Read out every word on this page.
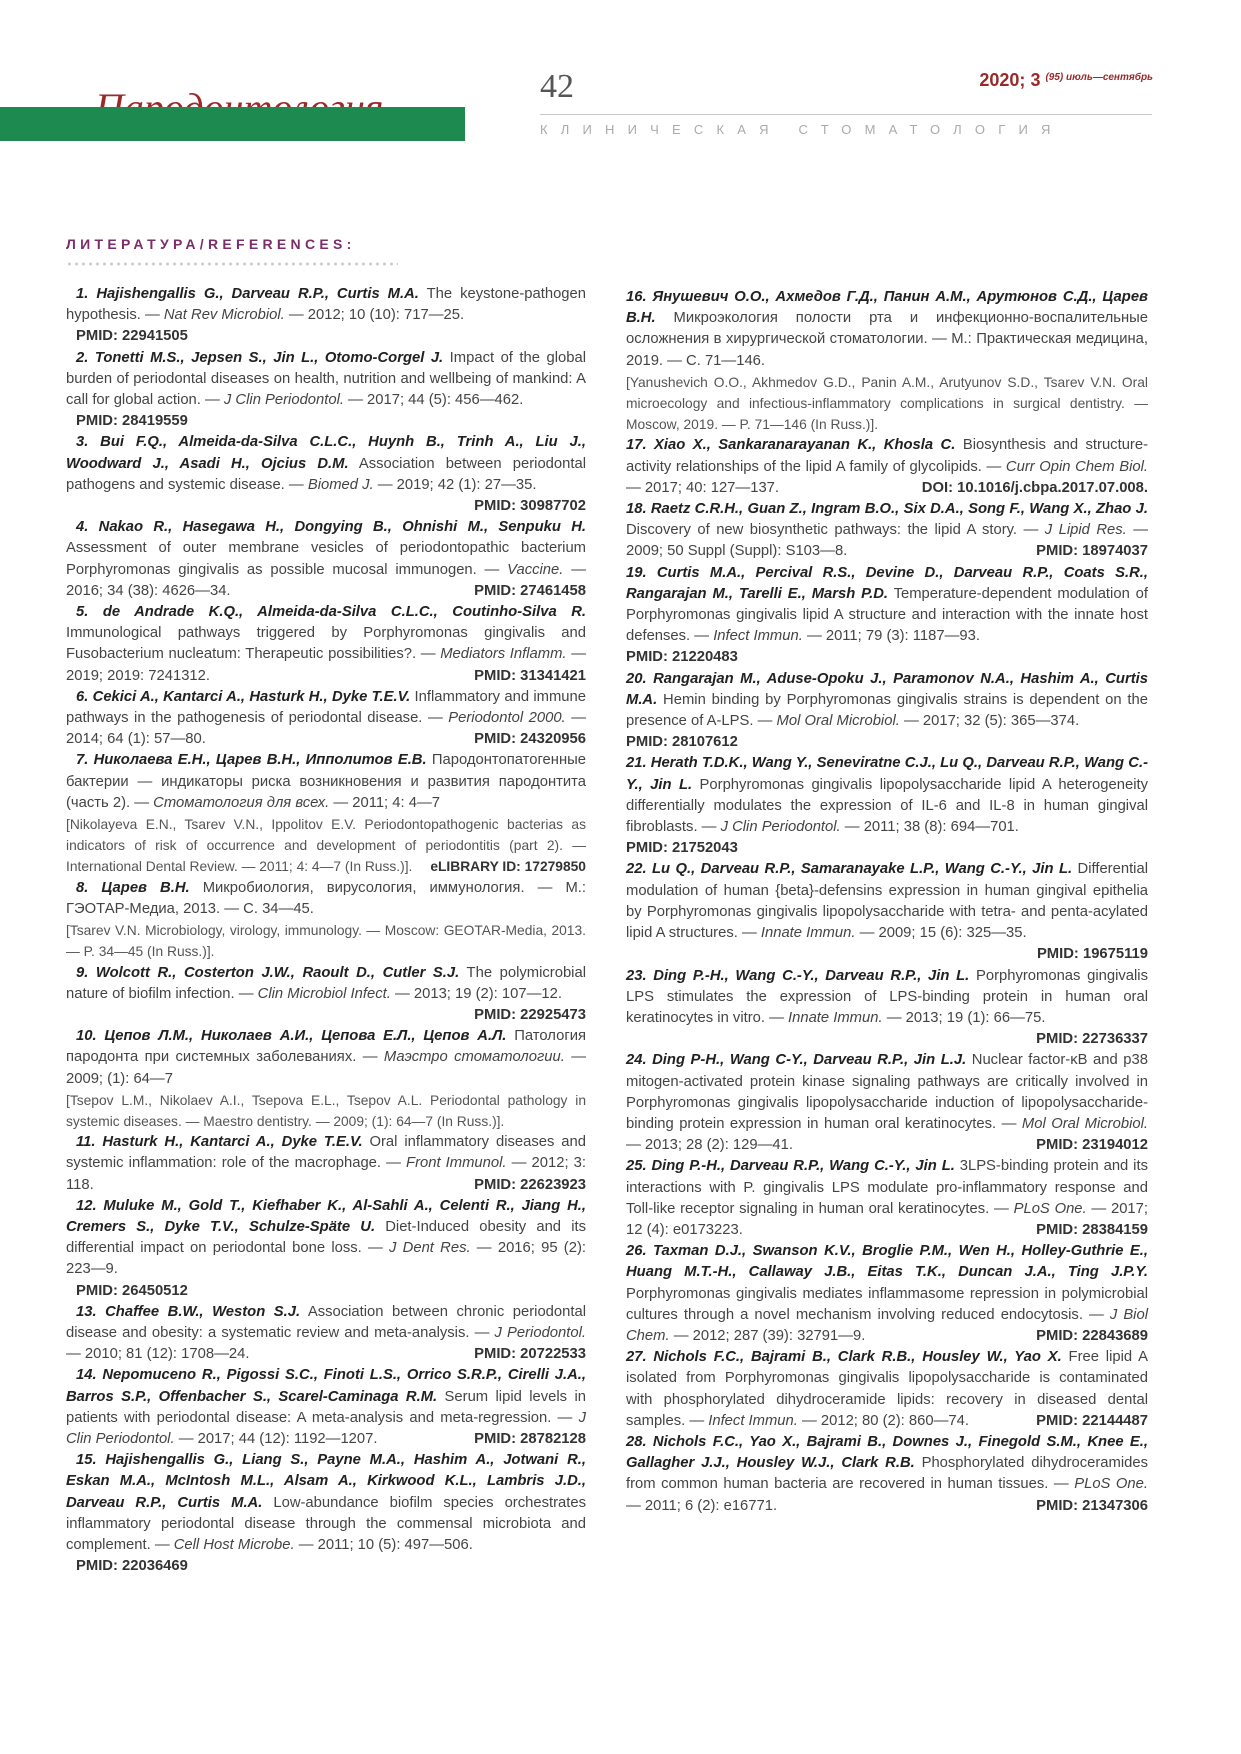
42	2020; 3 $^{(95) июль—сентябрь}$
КЛИНИЧЕСКАЯ СТОМАТОЛОГИЯ
ЛИТЕРАТУРА/REFERENCES:

1. Hajishengallis G., Darveau R.P., Curtis M.A. The keystone-pathogen hypothesis. — Nat Rev Microbiol. — 2012; 10 (10): 717—25.
PMID: 22941505

2. Tonetti M.S., Jepsen S., Jin L., Otomo-Corgel J. Impact of the global burden of periodontal diseases on health, nutrition and wellbeing of mankind: A call for global action. — J Clin Periodontol. — 2017; 44 (5): 456—462.
PMID: 28419559

3. Bui F.Q., Almeida-da-Silva C.L.C., Huynh B., Trinh A., Liu J., Woodward J., Asadi H., Ojcius D.M. Association between periodontal pathogens and systemic disease. — Biomed J. — 2019; 42 (1): 27—35.
PMID: 30987702

4. Nakao R., Hasegawa H., Dongying B., Ohnishi M., Senpuku H. Assessment of outer membrane vesicles of periodontopathic bacterium Porphyromonas gingivalis as possible mucosal immunogen. — Vaccine. — 2016; 34 (38): 4626—34.	PMID: 27461458

5. de Andrade K.Q., Almeida-da-Silva C.L.C., Coutinho-Silva R. Immunological pathways triggered by Porphyromonas gingivalis and Fusobacterium nucleatum: Therapeutic possibilities?. — Mediators Inflamm. — 2019; 2019: 7241312.	PMID: 31341421

6. Cekici A., Kantarci A., Hasturk H., Dyke T.E.V. Inflammatory and immune pathways in the pathogenesis of periodontal disease. — Periodontol 2000. — 2014; 64 (1): 57—80.	PMID: 24320956

7. Николаева Е.Н., Царев В.Н., Ипполитов Е.В. Пародонтопатогенные бактерии — индикаторы риска возникновения и развития пародонтита (часть 2). — Стоматология для всех. — 2011; 4: 4—7

[Nikolayeva E.N., Tsarev V.N., Ippolitov E.V. Periodontopathogenic bacterias as indicators of risk of occurrence and development of periodontitis (part 2). — International Dental Review. — 2011; 4: 4—7 (In Russ.)]. eLIBRARY ID: 17279850

8. Царев В.Н. Микробиология, вирусология, иммунология. — М.: ГЭОТАР-Медиа, 2013. — С. 34—45.

[Tsarev V.N. Microbiology, virology, immunology. — Moscow: GEOTAR-Media, 2013. — P. 34—45 (In Russ.)].

9. Wolcott R., Costerton J.W., Raoult D., Cutler S.J. The polymicrobial nature of biofilm infection. — Clin Microbiol Infect. — 2013; 19 (2): 107—12.
PMID: 22925473

10. Цепов Л.М., Николаев А.И., Цепова Е.Л., Цепов А.Л. Патология пародонта при системных заболеваниях. — Маэстро стоматологии. — 2009; (1): 64—7

[Tsepov L.M., Nikolaev A.I., Tsepova E.L., Tsepov A.L. Periodontal pathology in systemic diseases. — Maestro dentistry. — 2009; (1): 64—7 (In Russ.)].

11. Hasturk H., Kantarci A., Dyke T.E.V. Oral inflammatory diseases and systemic inflammation: role of the macrophage. — Front Immunol. — 2012; 3: 118.	PMID: 22623923

12. Muluke M., Gold T., Kiefhaber K., Al-Sahli A., Celenti R., Jiang H., Cremers S., Dyke T.V., Schulze-Späte U. Diet-Induced obesity and its differential impact on periodontal bone loss. — J Dent Res. — 2016; 95 (2): 223—9.
PMID: 26450512

13. Chaffee B.W., Weston S.J. Association between chronic periodontal disease and obesity: a systematic review and meta-analysis. — J Periodontol. — 2010; 81 (12): 1708—24.	PMID: 20722533

14. Nepomuceno R., Pigossi S.C., Finoti L.S., Orrico S.R.P., Cirelli J.A., Barros S.P., Offenbacher S., Scarel-Caminaga R.M. Serum lipid levels in patients with periodontal disease: A meta-analysis and meta-regression. — J Clin Periodontol. — 2017; 44 (12): 1192—1207.	PMID: 28782128

15. Hajishengallis G., Liang S., Payne M.A., Hashim A., Jotwani R., Eskan M.A., McIntosh M.L., Alsam A., Kirkwood K.L., Lambris J.D., Darveau R.P., Curtis M.A. Low-abundance biofilm species orchestrates inflammatory periodontal disease through the commensal microbiota and complement. — Cell Host Microbe. — 2011; 10 (5): 497—506.
PMID: 22036469

16. Янушевич О.О., Ахмедов Г.Д., Панин А.М., Арутюнов С.Д., Царев В.Н. Микроэкология полости рта и инфекционно-воспалительные осложнения в хирургической стоматологии. — М.: Практическая медицина, 2019. — С. 71—146.

[Yanushevich O.O., Akhmedov G.D., Panin A.M., Arutyunov S.D., Tsarev V.N. Oral microecology and infectious-inflammatory complications in surgical dentistry. — Moscow, 2019. — P. 71—146 (In Russ.)].

17. Xiao X., Sankaranarayanan K., Khosla C. Biosynthesis and structure-activity relationships of the lipid A family of glycolipids. — Curr Opin Chem Biol. — 2017; 40: 127—137.	DOI: 10.1016/j.cbpa.2017.07.008.

18. Raetz C.R.H., Guan Z., Ingram B.O., Six D.A., Song F., Wang X., Zhao J. Discovery of new biosynthetic pathways: the lipid A story. — J Lipid Res. — 2009; 50 Suppl (Suppl): S103—8.	PMID: 18974037

19. Curtis M.A., Percival R.S., Devine D., Darveau R.P., Coats S.R., Rangarajan M., Tarelli E., Marsh P.D. Temperature-dependent modulation of Porphyromonas gingivalis lipid A structure and interaction with the innate host defenses. — Infect Immun. — 2011; 79 (3): 1187—93.
PMID: 21220483

20. Rangarajan M., Aduse-Opoku J., Paramonov N.A., Hashim A., Curtis M.A. Hemin binding by Porphyromonas gingivalis strains is dependent on the presence of A-LPS. — Mol Oral Microbiol. — 2017; 32 (5): 365—374.
PMID: 28107612

21. Herath T.D.K., Wang Y., Seneviratne C.J., Lu Q., Darveau R.P., Wang C.-Y., Jin L. Porphyromonas gingivalis lipopolysaccharide lipid A heterogeneity differentially modulates the expression of IL-6 and IL-8 in human gingival fibroblasts. — J Clin Periodontol. — 2011; 38 (8): 694—701.
PMID: 21752043

22. Lu Q., Darveau R.P., Samaranayake L.P., Wang C.-Y., Jin L. Differential modulation of human {beta}-defensins expression in human gingival epithelia by Porphyromonas gingivalis lipopolysaccharide with tetra- and penta-acylated lipid A structures. — Innate Immun. — 2009; 15 (6): 325—35.
PMID: 19675119

23. Ding P.-H., Wang C.-Y., Darveau R.P., Jin L. Porphyromonas gingivalis LPS stimulates the expression of LPS-binding protein in human oral keratinocytes in vitro. — Innate Immun. — 2013; 19 (1): 66—75.
PMID: 22736337

24. Ding P-H., Wang C-Y., Darveau R.P., Jin L.J. Nuclear factor-κB and p38 mitogen-activated protein kinase signaling pathways are critically involved in Porphyromonas gingivalis lipopolysaccharide induction of lipopolysaccharide-binding protein expression in human oral keratinocytes. — Mol Oral Microbiol. — 2013; 28 (2): 129—41.	PMID: 23194012

25. Ding P.-H., Darveau R.P., Wang C.-Y., Jin L. 3LPS-binding protein and its interactions with P. gingivalis LPS modulate pro-inflammatory response and Toll-like receptor signaling in human oral keratinocytes. — PLoS One. — 2017; 12 (4): e0173223.	PMID: 28384159

26. Taxman D.J., Swanson K.V., Broglie P.M., Wen H., Holley-Guthrie E., Huang M.T.-H., Callaway J.B., Eitas T.K., Duncan J.A., Ting J.P.Y. Porphyromonas gingivalis mediates inflammasome repression in polymicrobial cultures through a novel mechanism involving reduced endocytosis. — J Biol Chem. — 2012; 287 (39): 32791—9.	PMID: 22843689

27. Nichols F.C., Bajrami B., Clark R.B., Housley W., Yao X. Free lipid A isolated from Porphyromonas gingivalis lipopolysaccharide is contaminated with phosphorylated dihydroceramide lipids: recovery in diseased dental samples. — Infect Immun. — 2012; 80 (2): 860—74.	PMID: 22144487

28. Nichols F.C., Yao X., Bajrami B., Downes J., Finegold S.M., Knee E., Gallagher J.J., Housley W.J., Clark R.B. Phosphorylated dihydroceramides from common human bacteria are recovered in human tissues. — PLoS One. — 2011; 6 (2): e16771.	PMID: 21347306
